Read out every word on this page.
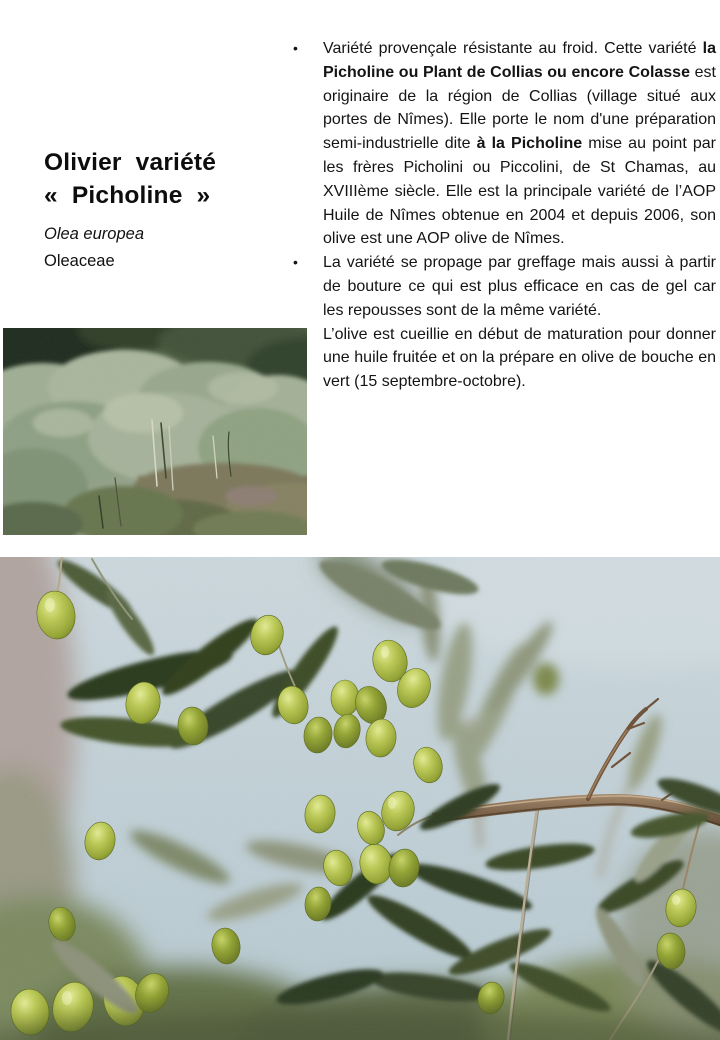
Olivier variété
« Picholine »
Olea europea
Oleaceae
• Variété provençale résistante au froid. Cette variété la Picholine ou Plant de Collias ou encore Colasse est originaire de la région de Collias (village situé aux portes de Nîmes). Elle porte le nom d'une préparation semi-industrielle dite à la Picholine mise au point par les frères Picholini ou Piccolini, de St Chamas, au XVIIIème siècle. Elle est la principale variété de l’AOP Huile de Nîmes obtenue en 2004 et depuis 2006, son olive est une AOP olive de Nîmes.

• La variété se propage par greffage mais aussi à partir de bouture ce qui est plus efficace en cas de gel car les repousses sont de la même variété.

L’olive est cueillie en début de maturation pour donner une huile fruitée et on la prépare en olive de bouche en vert (15 septembre-octobre).
